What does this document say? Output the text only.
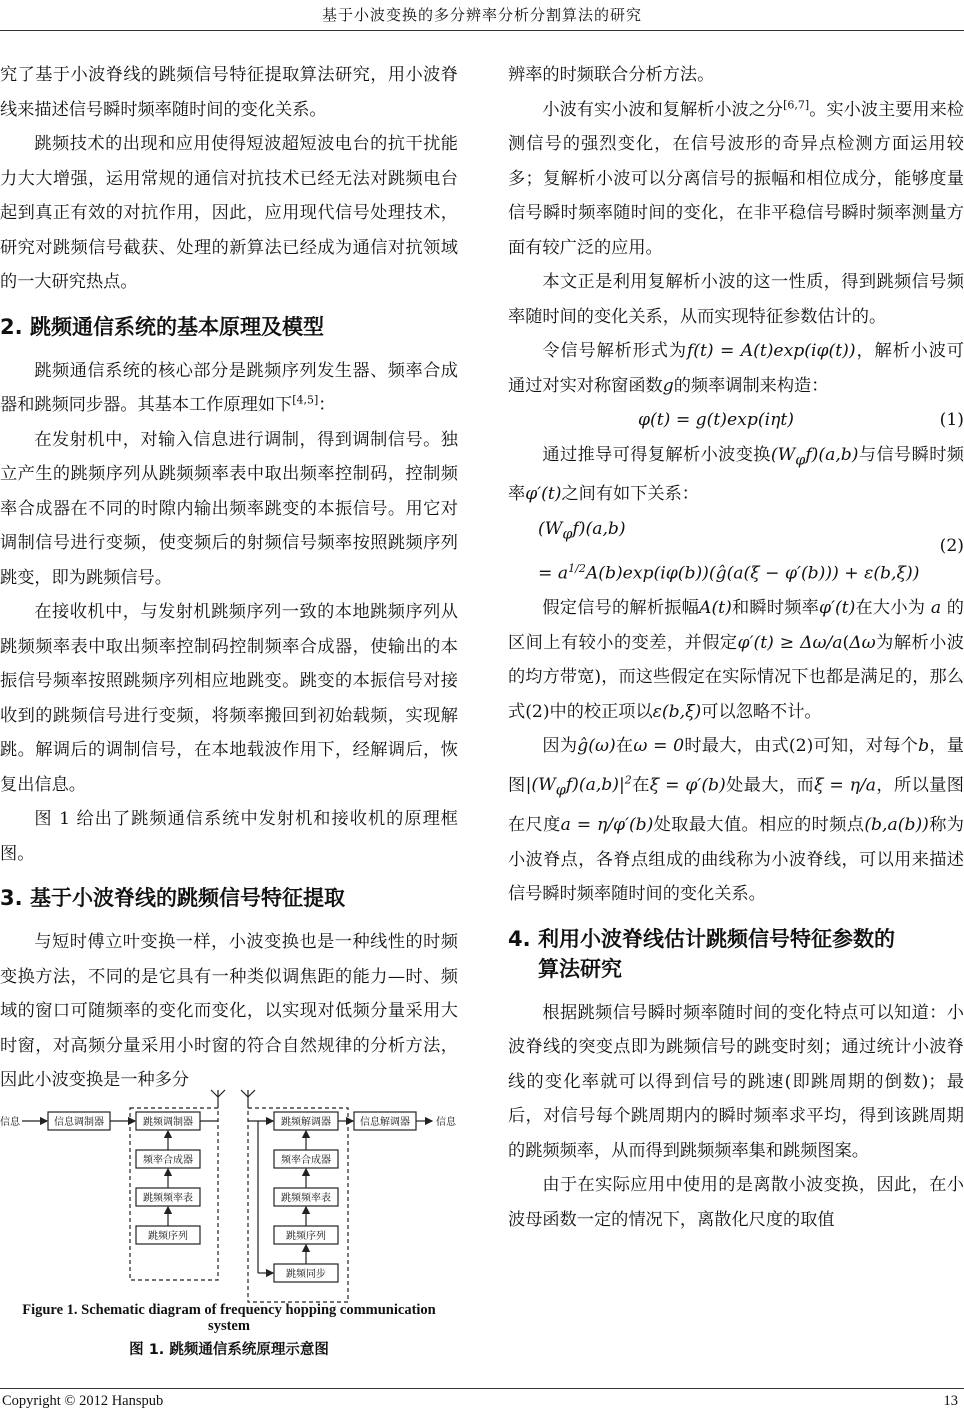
基于小波变换的多分辨率分析分割算法的研究

究了基于小波脊线的跳频信号特征提取算法研究，用小波脊线来描述信号瞬时频率随时间的变化关系。

跳频技术的出现和应用使得短波超短波电台的抗干扰能力大大增强，运用常规的通信对抗技术已经无法对跳频电台起到真正有效的对抗作用，因此，应用现代信号处理技术，研究对跳频信号截获、处理的新算法已经成为通信对抗领域的一大研究热点。

2. 跳频通信系统的基本原理及模型

跳频通信系统的核心部分是跳频序列发生器、频率合成器和跳频同步器。其基本工作原理如下[4,5]：

在发射机中，对输入信息进行调制，得到调制信号。独立产生的跳频序列从跳频频率表中取出频率控制码，控制频率合成器在不同的时隙内输出频率跳变的本振信号。用它对调制信号进行变频，使变频后的射频信号频率按照跳频序列跳变，即为跳频信号。

在接收机中，与发射机跳频序列一致的本地跳频序列从跳频频率表中取出频率控制码控制频率合成器，使输出的本振信号频率按照跳频序列相应地跳变。跳变的本振信号对接收到的跳频信号进行变频，将频率搬回到初始载频，实现解跳。解调后的调制信号，在本地载波作用下，经解调后，恢复出信息。

图 1 给出了跳频通信系统中发射机和接收机的原理框图。

3. 基于小波脊线的跳频信号特征提取

与短时傅立叶变换一样，小波变换也是一种线性的时频变换方法，不同的是它具有一种类似调焦距的能力—时、频域的窗口可随频率的变化而变化，以实现对低频分量采用大时窗，对高频分量采用小时窗的符合自然规律的分析方法，因此小波变换是一种多分

信息	信息调制器	跳频调制器
频率合成器
跳频频率表
跳频序列
跳频解调器	信息解调器	信息
频率合成器
跳频频率表
跳频序列
跳频同步
Figure 1. Schematic diagram of frequency hopping communication system
图 1. 跳频通信系统原理示意图

辨率的时频联合分析方法。

小波有实小波和复解析小波之分[6,7]。实小波主要用来检测信号的强烈变化，在信号波形的奇异点检测方面运用较多；复解析小波可以分离信号的振幅和相位成分，能够度量信号瞬时频率随时间的变化，在非平稳信号瞬时频率测量方面有较广泛的应用。

本文正是利用复解析小波的这一性质，得到跳频信号频率随时间的变化关系，从而实现特征参数估计的。

令信号解析形式为f(t) = A(t)exp(iφ(t))，解析小波可通过对实对称窗函数g的频率调制来构造：

φ(t) = g(t)exp(iηt)	(1)

通过推导可得复解析小波变换$(W_\varphi f)(a,b)$与信号瞬时频率φ′(t)之间有如下关系：

$(W_\varphi f)(a,b)$
= $a^{1/2}A(b)\exp(i\varphi(b))(ĝ(a(\xi - \varphi'(b))) + \varepsilon(b,\xi))$
(2)

假定信号的解析振幅A(t)和瞬时频率φ′(t)在大小为 a 的区间上有较小的变差，并假定φ′(t) ≥ Δω/a(Δω为解析小波的均方带宽)，而这些假定在实际情况下也都是满足的，那么式(2)中的校正项以ε(b,ξ)可以忽略不计。

因为ĝ(ω)在ω = 0时最大，由式(2)可知，对每个b，量图$|(W_\varphi f)(a,b)|^2$在ξ = φ′(b)处最大，而ξ = η/a，所以量图在尺度a = η/φ′(b)处取最大值。相应的时频点(b,a(b))称为小波脊点，各脊点组成的曲线称为小波脊线，可以用来描述信号瞬时频率随时间的变化关系。

4. 利用小波脊线估计跳频信号特征参数的
算法研究

根据跳频信号瞬时频率随时间的变化特点可以知道：小波脊线的突变点即为跳频信号的跳变时刻；通过统计小波脊线的变化率就可以得到信号的跳速(即跳周期的倒数)；最后，对信号每个跳周期内的瞬时频率求平均，得到该跳周期的跳频频率，从而得到跳频频率集和跳频图案。

由于在实际应用中使用的是离散小波变换，因此，在小波母函数一定的情况下，离散化尺度的取值

Copyright © 2012 Hanspub	13
